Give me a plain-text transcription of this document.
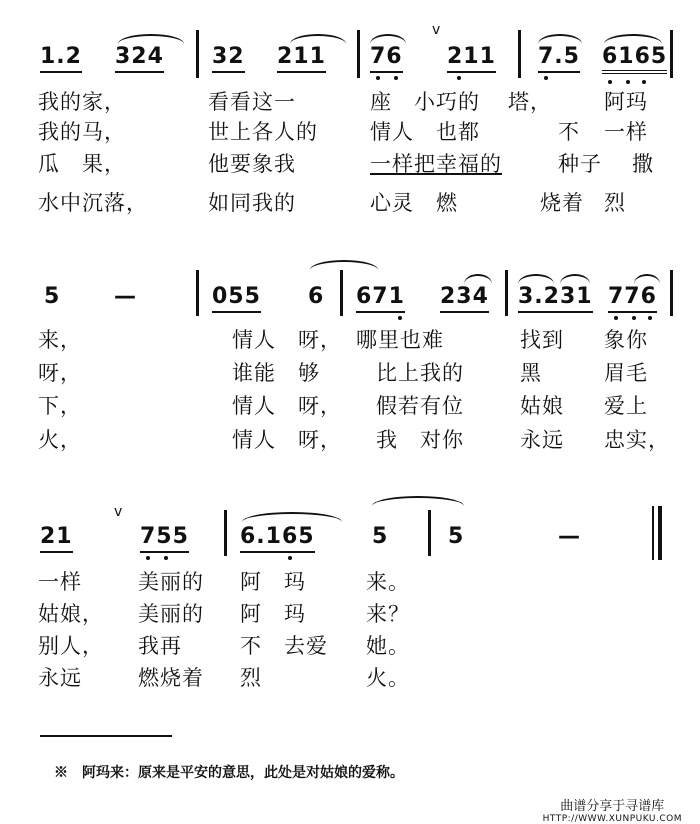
1.2 324 32 211 76
v
211 7.5 6165
我的家，	看看这一	座　小巧的 塔， 阿玛
我的马，	世上各人的 情人　也都	不 一样
瓜　果，	他要象我	一样把幸福的	种子 撒
水中沉落，	如同我的	心灵　燃	烧着 烈
5 —	055 6 671 234 3.231 776
来，	情人　呀， 哪里也难	找到 象你
呀，	谁能　够	比上我的	黑	眉毛
下，	情人　呀， 假若有位	姑娘 爱上
火，	情人　呀， 我　对你	永远 忠实，
21
v
755 6.165	5	5	—
一样	美丽的 阿　玛	来。
姑娘， 美丽的 阿　玛	来？
别人， 我再	不　去爱 她。
永远	燃烧着 烈	火。
※　阿玛来：原来是平安的意思，此处是对姑娘的爱称。
曲谱分享于寻谱库
HTTP://WWW.XUNPUKU.COM
